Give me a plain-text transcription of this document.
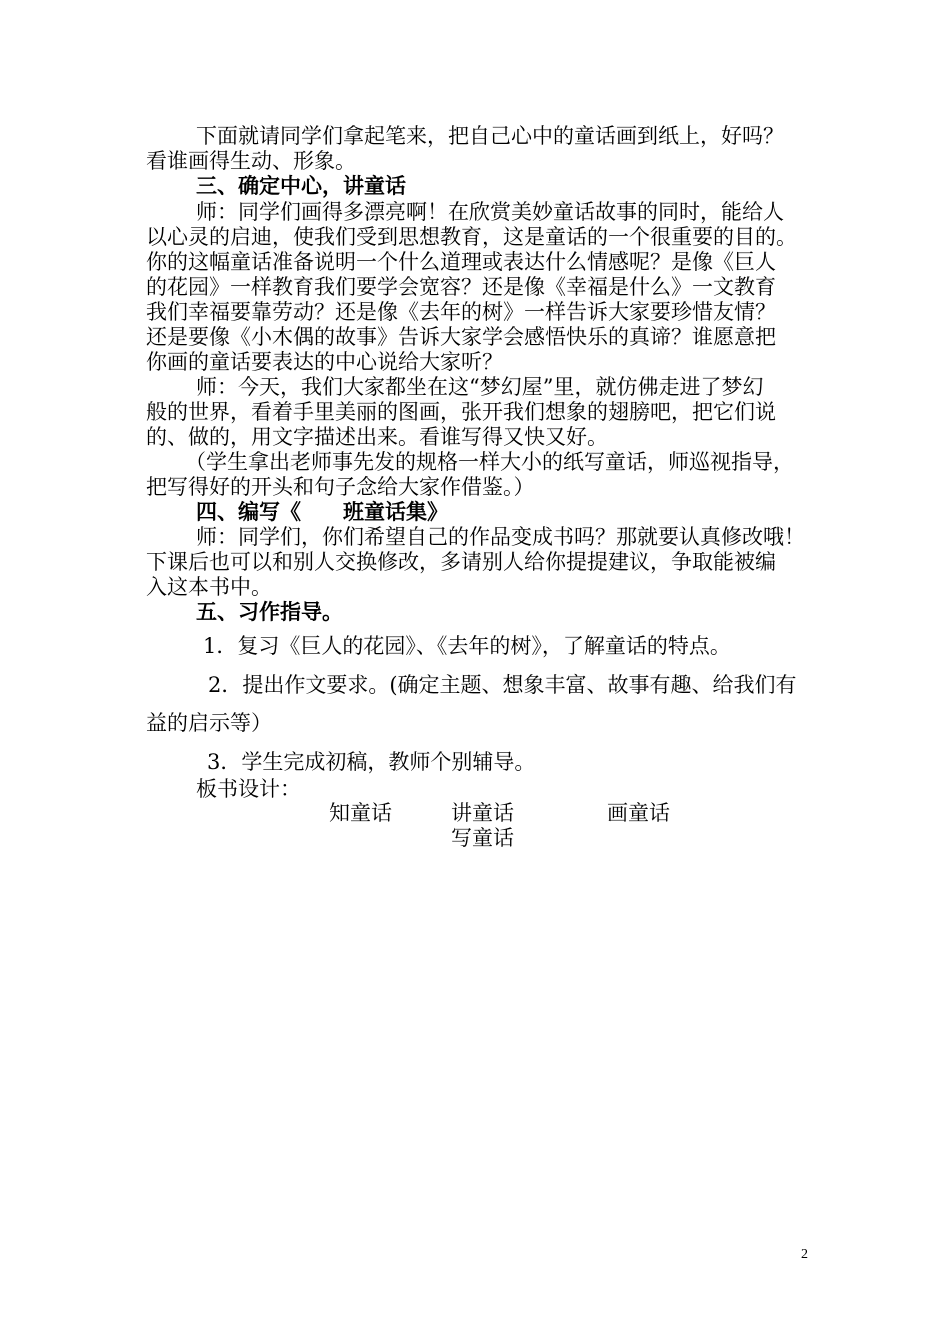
下面就请同学们拿起笔来，把自己心中的童话画到纸上，好吗？
看谁画得生动、形象。
三、确定中心，讲童话
师：同学们画得多漂亮啊！在欣赏美妙童话故事的同时，能给人
以心灵的启迪，使我们受到思想教育，这是童话的一个很重要的目的。
你的这幅童话准备说明一个什么道理或表达什么情感呢？是像《巨人
的花园》一样教育我们要学会宽容？还是像《幸福是什么》一文教育
我们幸福要靠劳动？还是像《去年的树》一样告诉大家要珍惜友情？
还是要像《小木偶的故事》告诉大家学会感悟快乐的真谛？谁愿意把
你画的童话要表达的中心说给大家听？
师：今天，我们大家都坐在这“梦幻屋”里，就仿佛走进了梦幻
般的世界，看着手里美丽的图画，张开我们想象的翅膀吧，把它们说
的、做的，用文字描述出来。看谁写得又快又好。
（学生拿出老师事先发的规格一样大小的纸写童话，师巡视指导，
把写得好的开头和句子念给大家作借鉴。）
四、编写《　　班童话集》
师：同学们，你们希望自己的作品变成书吗？那就要认真修改哦！
下课后也可以和别人交换修改，多请别人给你提提建议，争取能被编
入这本书中。
五、习作指导。
1．复习《巨人的花园》、《去年的树》，了解童话的特点。
2．提出作文要求。(确定主题、想象丰富、故事有趣、给我们有
益的启示等）
3．学生完成初稿，教师个别辅导。
板书设计：
知童话	讲童话	画童话
写童话
2
